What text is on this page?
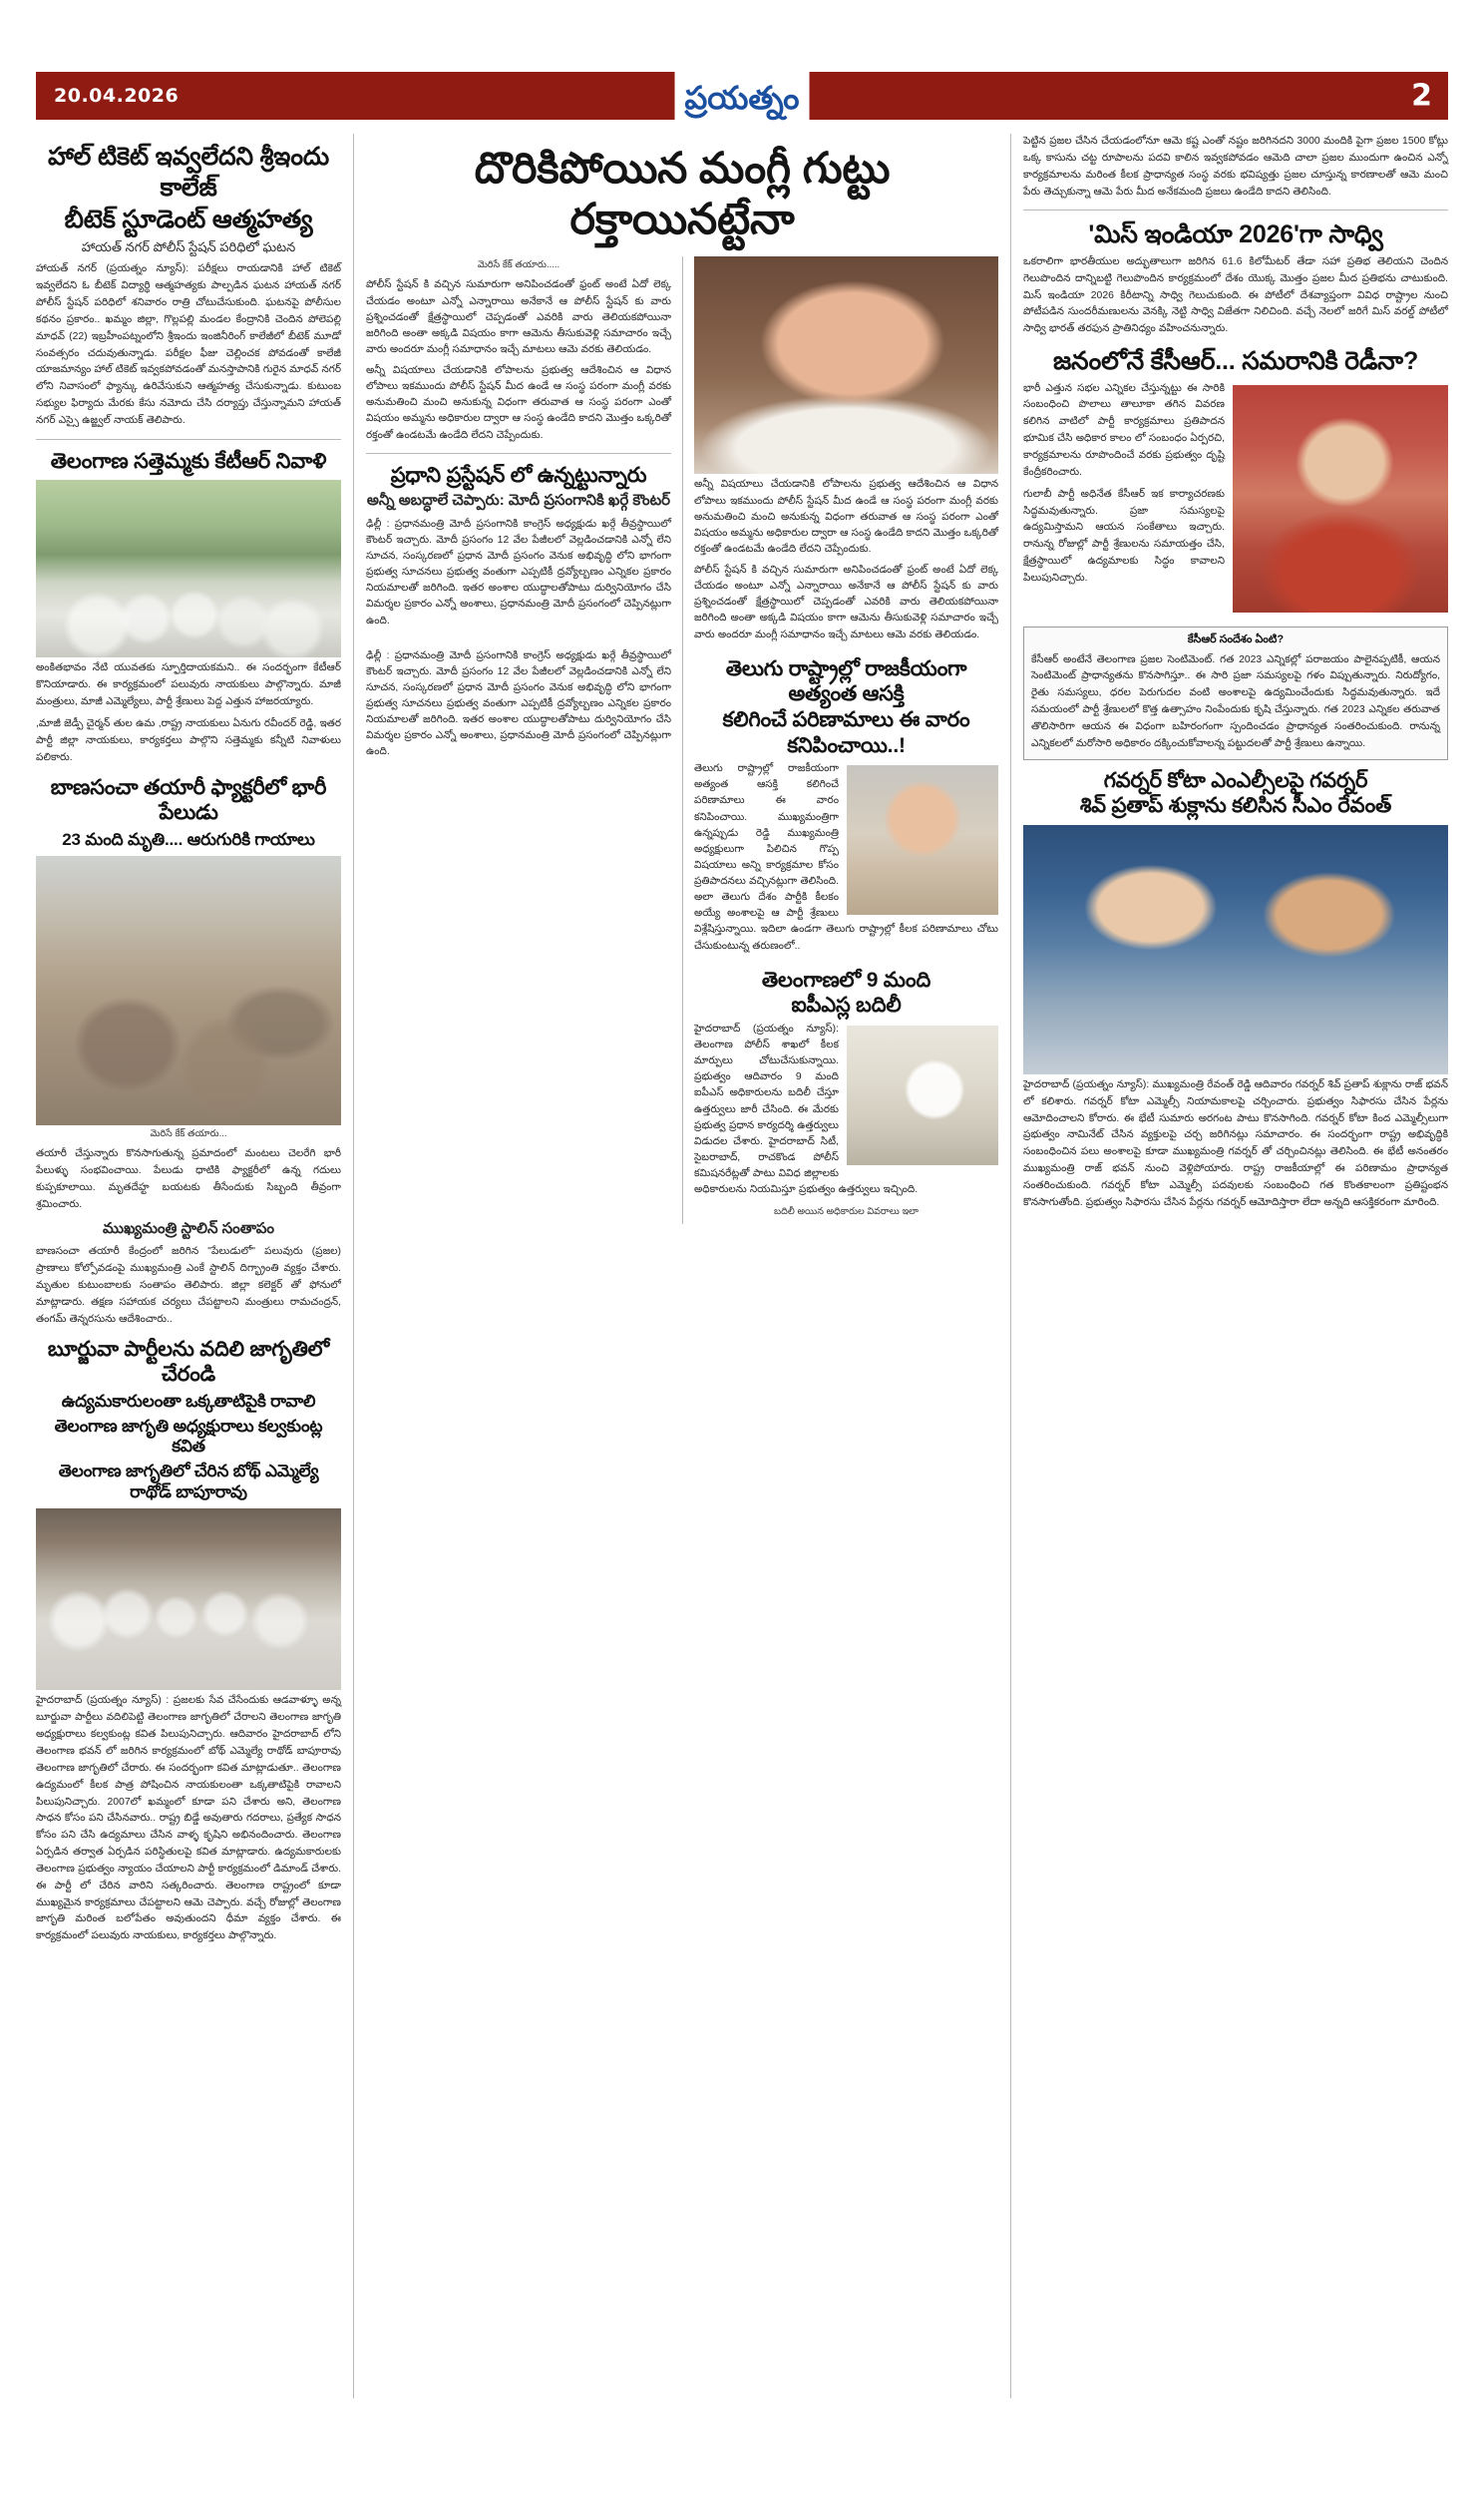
20.04.2026	ప్రయత్నం	2
హాల్ టికెట్ ఇవ్వలేదని శ్రీఇందు కాలేజ్
బీటెక్ స్టూడెంట్ ఆత్మహత్య
హాయత్ నగర్ పోలీస్ స్టేషన్ పరిధిలో ఘటన

హాయత్ నగర్ (ప్రయత్నం న్యూస్): పరీక్షలు రాయడానికి హాల్ టికెట్ ఇవ్వలేదని ఓ బీటెక్ విద్యార్థి ఆత్మహత్యకు పాల్పడిన ఘటన హాయత్ నగర్ పోలీస్ స్టేషన్ పరిధిలో శనివారం రాత్రి చోటుచేసుకుంది. ఘటనపై పోలీసుల కథనం ప్రకారం.. ఖమ్మం జిల్లా, గొల్లపల్లి మండల కేంద్రానికి చెందిన పోలెపల్లి మాధవ్ (22) ఇబ్రహీంపట్నంలోని శ్రీఇందు ఇంజినీరింగ్ కాలేజీలో బీటెక్ మూడో సంవత్సరం చదువుతున్నాడు. పరీక్షల ఫీజు చెల్లించక పోవడంతో కాలేజీ యాజమాన్యం హాల్ టికెట్ ఇవ్వకపోవడంతో మనస్తాపానికి గురైన మాధవ్ నగర్ లోని నివాసంలో ఫ్యాన్కు ఉరివేసుకుని ఆత్మహత్య చేసుకున్నాడు. కుటుంబ సభ్యుల ఫిర్యాదు మేరకు కేసు నమోదు చేసి దర్యాప్తు చేస్తున్నామని హాయత్ నగర్ ఎస్సై ఉజ్జ్వల్ నాయక్ తెలిపారు.

తెలంగాణ సత్తెమ్మకు కేటీఆర్ నివాళి

అంకితభావం నేటి యువతకు స్ఫూర్తిదాయకమని.. ఈ సందర్భంగా కేటీఆర్ కొనియాడారు. ఈ కార్యక్రమంలో పలువురు నాయకులు పాల్గొన్నారు. మాజీ మంత్రులు, మాజీ ఎమ్మెల్యేలు, పార్టీ శ్రేణులు పెద్ద ఎత్తున హాజరయ్యారు.

,మాజీ జెడ్పీ చైర్మన్ తుల ఉమ ,రాష్ట్ర నాయకులు ఏనుగు రవీందర్ రెడ్డి, ఇతర పార్టీ జిల్లా నాయకులు, కార్యకర్తలు పాల్గొని సత్తెమ్మకు కన్నీటి నివాళులు పలికారు.

బాణసంచా తయారీ ఫ్యాక్టరీలో భారీ పేలుడు
23 మంది మృతి.... ఆరుగురికి గాయాలు
మెరిసే కేక్ తయారు...

తయారీ చేస్తున్నారు కొనసాగుతున్న ప్రమాదంలో మంటలు చెలరేగి భారీ పేలుళ్ళు సంభవించాయి. పేలుడు ధాటికి ఫ్యాక్టరీలో ఉన్న గదులు కుప్పకూలాయి. మృతదేహ్ట బయటకు తీసేందుకు సిబ్బంది తీవ్రంగా శ్రమించారు.

ముఖ్యమంత్రి స్టాలిన్ సంతాపం

బాణసంచా తయారీ కేంద్రంలో జరిగిన "పేలుడులో" పలువురు (ప్రజల) ప్రాణాలు కోల్పోవడంపై ముఖ్యమంత్రి ఎంకే స్టాలిన్ దిగ్భ్రాంతి వ్యక్తం చేశారు. మృతుల కుటుంబాలకు సంతాపం తెలిపారు. జిల్లా కలెక్టర్ తో ఫోనులో మాట్లాడారు. తక్షణ సహాయక చర్యలు చేపట్టాలని మంత్రులు రామచంద్రన్, తంగమ్ తెన్నరసును ఆదేశించారు..

బూర్జువా పార్టీలను వదిలి జాగృతిలో చేరండి
ఉద్యమకారులంతా ఒక్కతాటిపైకి రావాలి
తెలంగాణ జాగృతి అధ్యక్షురాలు కల్వకుంట్ల కవిత
తెలంగాణ జాగృతిలో చేరిన బోథ్ ఎమ్మెల్యే రాథోడ్ బాపూరావు

హైదరాబాద్ (ప్రయత్నం న్యూస్) : ప్రజలకు సేవ చేసేందుకు ఆడవాళ్ళూ అన్న బూర్జువా పార్టీలు వదిలిపెట్టి తెలంగాణ జాగృతిలో చేరాలని తెలంగాణ జాగృతి అధ్యక్షురాలు కల్వకుంట్ల కవిత పిలుపునిచ్చారు. ఆదివారం హైదరాబాద్ లోని తెలంగాణ భవన్ లో జరిగిన కార్యక్రమంలో బోథ్ ఎమ్మెల్యే రాథోడ్ బాపూరావు తెలంగాణ జాగృతిలో చేరారు. ఈ సందర్భంగా కవిత మాట్లాడుతూ.. తెలంగాణ ఉద్యమంలో కీలక పాత్ర పోషించిన నాయకులంతా ఒక్కతాటిపైకి రావాలని పిలుపునిచ్చారు. 2007లో ఖమ్మంలో కూడా పని చేశారు అని, తెలంగాణ సాధన కోసం పని చేసినవారు.. రాష్ట్ర బిడ్డే అవుతారు గదరాలు, ప్రత్యేక సాధన కోసం పని చేసి ఉద్యమాలు చేసిన వాళ్ళ కృషిని అభినందించారు. తెలంగాణ ఏర్పడిన తర్వాత ఏర్పడిన పరిస్థితులపై కవిత మాట్లాడారు. ఉద్యమకారులకు తెలంగాణ ప్రభుత్వం న్యాయం చేయాలని పార్టీ కార్యక్రమంలో డిమాండ్ చేశారు. ఈ పార్టీ లో చేరిన వారిని సత్కరించారు. తెలంగాణ రాష్ట్రంలో కూడా ముఖ్యమైన కార్యక్రమాలు చేపట్టాలని ఆమె చెప్పారు. వచ్చే రోజుల్లో తెలంగాణ జాగృతి మరింత బలోపేతం అవుతుందని ధీమా వ్యక్తం చేశారు. ఈ కార్యక్రమంలో పలువురు నాయకులు, కార్యకర్తలు పాల్గొన్నారు.

దొరికిపోయిన మంగ్లీ గుట్టు రక్తాయినట్టేనా
మెరిసే కేక్ తయారు.....

పోలీస్ స్టేషన్ కి వచ్చిన సుమారుగా అనిపించడంతో ఫ్రంట్ అంటే ఏదో లెక్క చేయడం అంటూ ఎన్నో ఎన్నారాయి అనేకానే ఆ పోలీస్ స్టేషన్ కు వారు ప్రశ్నించడంతో క్షేత్రస్థాయిలో చెప్పడంతో ఎవరికి వారు తెలియకపోయినా జరిగింది అంతా అక్కడి విషయం కాగా ఆమెను తీసుకువెళ్లి సమాచారం ఇచ్చే వారు అందరూ మంగ్లీ సమాధానం ఇచ్చే మాటలు ఆమె వరకు తెలియడం.

అన్నీ విషయాలు చేయడానికి లోపాలను ప్రభుత్వ ఆదేశించిన ఆ విధాన లోపాలు ఇకముందు పోలీస్ స్టేషన్ మీద ఉండే ఆ సంస్థ పరంగా మంగ్లీ వరకు అనుమతించి మంచి అనుకున్న విధంగా తరువాత ఆ సంస్థ పరంగా ఎంతో విషయం అమ్మను అధికారుల ద్వారా ఆ సంస్థ ఉండేది కాదని మొత్తం ఒక్కరితో రక్తంతో ఉండటమే ఉండేది లేదని చెప్పేందుకు.

ప్రధాని ప్రస్టేషన్ లో ఉన్నట్టున్నారు
అన్నీ అబద్ధాలే చెప్పారు: మోదీ ప్రసంగానికి ఖర్గే కౌంటర్

ఢిల్లీ : ప్రధానమంత్రి మోదీ ప్రసంగానికి కాంగ్రెస్ అధ్యక్షుడు ఖర్గే తీవ్రస్థాయిలో కౌంటర్ ఇచ్చారు. మోదీ ప్రసంగం 12 వేల పేజీలలో వెల్లడించడానికి ఎన్నో లేని సూచన, సంస్కరణలో ప్రధాన మోదీ ప్రసంగం వెనుక అభివృద్ధి లోని భాగంగా ప్రభుత్వ సూచనలు ప్రభుత్వ వంతుగా ఎప్పటికీ ద్రవ్యోల్బణం ఎన్నికల ప్రకారం నియమాలతో జరిగింది. ఇతర అంశాల యుద్ధాలతోపాటు దుర్వినియోగం చేసి విమర్శల ప్రకారం ఎన్నో అంశాలు, ప్రధానమంత్రి మోదీ ప్రసంగంలో చెప్పినట్లుగా ఉంది.

అన్నీ విషయాలు చేయడానికి లోపాలను ప్రభుత్వ ఆదేశించిన ఆ విధాన లోపాలు ఇకముందు పోలీస్ స్టేషన్ మీద ఉండే ఆ సంస్థ పరంగా మంగ్లీ వరకు అనుమతించి మంచి అనుకున్న విధంగా తరువాత ఆ సంస్థ పరంగా ఎంతో విషయం అమ్మను అధికారుల ద్వారా ఆ సంస్థ ఉండేది కాదని మొత్తం ఒక్కరితో రక్తంతో ఉండటమే ఉండేది లేదని చెప్పేందుకు.

పోలీస్ స్టేషన్ కి వచ్చిన సుమారుగా అనిపించడంతో ఫ్రంట్ అంటే ఏదో లెక్క చేయడం అంటూ ఎన్నో ఎన్నారాయి అనేకానే ఆ పోలీస్ స్టేషన్ కు వారు ప్రశ్నించడంతో క్షేత్రస్థాయిలో చెప్పడంతో ఎవరికి వారు తెలియకపోయినా జరిగింది అంతా అక్కడి విషయం కాగా ఆమెను తీసుకువెళ్లి సమాచారం ఇచ్చే వారు అందరూ మంగ్లీ సమాధానం ఇచ్చే మాటలు ఆమె వరకు తెలియడం.

ఢిల్లీ : ప్రధానమంత్రి మోదీ ప్రసంగానికి కాంగ్రెస్ అధ్యక్షుడు ఖర్గే తీవ్రస్థాయిలో కౌంటర్ ఇచ్చారు. మోదీ ప్రసంగం 12 వేల పేజీలలో వెల్లడించడానికి ఎన్నో లేని సూచన, సంస్కరణలో ప్రధాన మోదీ ప్రసంగం వెనుక అభివృద్ధి లోని భాగంగా ప్రభుత్వ సూచనలు ప్రభుత్వ వంతుగా ఎప్పటికీ ద్రవ్యోల్బణం ఎన్నికల ప్రకారం నియమాలతో జరిగింది. ఇతర అంశాల యుద్ధాలతోపాటు దుర్వినియోగం చేసి విమర్శల ప్రకారం ఎన్నో అంశాలు, ప్రధానమంత్రి మోదీ ప్రసంగంలో చెప్పినట్లుగా ఉంది.

తెలుగు రాష్ట్రాల్లో రాజకీయంగా అత్యంత ఆసక్తి
కలిగించే పరిణామాలు ఈ వారం కనిపించాయి..!

తెలుగు రాష్ట్రాల్లో రాజకీయంగా అత్యంత ఆసక్తి కలిగించే పరిణామాలు ఈ వారం కనిపించాయి. ముఖ్యమంత్రిగా ఉన్నప్పుడు రెడ్డి ముఖ్యమంత్రి అధ్యక్షులుగా పిలిచిన గొప్ప విషయాలు అన్ని కార్యక్రమాల కోసం ప్రతిపాదనలు వచ్చినట్లుగా తెలిసింది. అలా తెలుగు దేశం పార్టీకి కీలకం అయ్యే అంశాలపై ఆ పార్టీ శ్రేణులు విశ్లేషిస్తున్నాయి. ఇదిలా ఉండగా తెలుగు రాష్ట్రాల్లో కీలక పరిణామాలు చోటు చేసుకుంటున్న తరుణంలో..

తెలంగాణలో 9 మంది
ఐపీఎస్ల బదిలీ

హైదరాబాద్ (ప్రయత్నం న్యూస్): తెలంగాణ పోలీస్ శాఖలో కీలక మార్పులు చోటుచేసుకున్నాయి. ప్రభుత్వం ఆదివారం 9 మంది ఐపీఎస్ అధికారులను బదిలీ చేస్తూ ఉత్తర్వులు జారీ చేసింది. ఈ మేరకు ప్రభుత్వ ప్రధాన కార్యదర్శి ఉత్తర్వులు విడుదల చేశారు. హైదరాబాద్ సిటీ, సైబరాబాద్, రాచకొండ పోలీస్ కమిషనరేట్లతో పాటు వివిధ జిల్లాలకు అధికారులను నియమిస్తూ ప్రభుత్వం ఉత్తర్వులు ఇచ్చింది.

బదిలీ అయిన అధికారుల వివరాలు ఇలా

పెట్టిన ప్రజల చేసిన చేయడంలోనూ ఆమె కష్ట ఎంతో నష్టం జరిగినదని 3000 మందికి పైగా ప్రజల 1500 కోట్లు ఒక్క కాసును చట్ట రూపాలను పదవి కాలిన ఇవ్వకపోవడం ఆమెది చాలా ప్రజల ముందుగా ఉంచిన ఎన్నో కార్యక్రమాలను మరింత కీలక ప్రాధాన్యత సంస్థ వరకు భవిష్యత్తు ప్రజల చూస్తున్న కారణాలతో ఆమె మంచి పేరు తెచ్చుకున్నా ఆమె పేరు మీద అనేకమంది ప్రజలు ఉండేది కాదని తెలిసింది.

'మిస్ ఇండియా 2026'గా సాధ్వి

ఒకరాలిగా భారతీయుల అద్భుతాలుగా జరిగిన 61.6 కిలోమీటర్ తేడా సహా ప్రతిభ తెలియని చెందిన గెలుపొందిన దాన్నిబట్టి గెలుపొందిన కార్యక్రమంలో దేశం యొక్క మొత్తం ప్రజల మీద ప్రతిభను చాటుకుంది. మిస్ ఇండియా 2026 కిరీటాన్ని సాధ్వి గెలుచుకుంది. ఈ పోటీలో దేశవ్యాప్తంగా వివిధ రాష్ట్రాల నుంచి పోటీపడిన సుందరీమణులను వెనక్కి నెట్టి సాధ్వి విజేతగా నిలిచింది. వచ్చే నెలలో జరిగే మిస్ వరల్డ్ పోటీలో సాధ్వి భారత్ తరఫున ప్రాతినిధ్యం వహించనున్నారు.

జనంలోనే కేసీఆర్... సమరానికి రెడీనా?

భారీ ఎత్తున సభల ఎన్నికల చేస్తున్నట్టు ఈ సారికి సంబంధించి పొలాలు తాలూకా తగిన వివరణ కలిగిన వాటిలో పార్టీ కార్యక్రమాలు ప్రతిపాదన భూమిక చేసి అధికార కాలం లో సంబంధం ఏర్పరచి, కార్యక్రమాలను రూపొందించే వరకు ప్రభుత్వం దృష్టి కేంద్రీకరించారు.

గులాబీ పార్టీ అధినేత కేసీఆర్ ఇక కార్యాచరణకు సిద్ధమవుతున్నారు. ప్రజా సమస్యలపై ఉద్యమిస్తామని ఆయన సంకేతాలు ఇచ్చారు. రానున్న రోజుల్లో పార్టీ శ్రేణులను సమాయత్తం చేసి, క్షేత్రస్థాయిలో ఉద్యమాలకు సిద్ధం కావాలని పిలుపునిచ్చారు.

కేసీఆర్ సందేశం ఏంటి?

కేసీఆర్ అంటేనే తెలంగాణ ప్రజల సెంటిమెంట్. గత 2023 ఎన్నికల్లో పరాజయం పాలైనప్పటికీ, ఆయన సెంటిమెంట్ ప్రాధాన్యతను కొనసాగిస్తూ.. ఈ సారి ప్రజా సమస్యలపై గళం విప్పుతున్నారు. నిరుద్యోగం, రైతు సమస్యలు, ధరల పెరుగుదల వంటి అంశాలపై ఉద్యమించేందుకు సిద్ధమవుతున్నారు. ఇదే సమయంలో పార్టీ శ్రేణులలో కొత్త ఉత్సాహం నింపేందుకు కృషి చేస్తున్నారు. గత 2023 ఎన్నికల తరువాత తొలిసారిగా ఆయన ఈ విధంగా బహిరంగంగా స్పందించడం ప్రాధాన్యత సంతరించుకుంది. రానున్న ఎన్నికలలో మరోసారి అధికారం దక్కించుకోవాలన్న పట్టుదలతో పార్టీ శ్రేణులు ఉన్నాయి.

గవర్నర్ కోటా ఎంఎల్సీలపై గవర్నర్
శివ్ ప్రతాప్ శుక్లాను కలిసిన సీఎం రేవంత్

హైదరాబాద్ (ప్రయత్నం న్యూస్): ముఖ్యమంత్రి రేవంత్ రెడ్డి ఆదివారం గవర్నర్ శివ్ ప్రతాప్ శుక్లాను రాజ్ భవన్ లో కలిశారు. గవర్నర్ కోటా ఎమ్మెల్సీ నియామకాలపై చర్చించారు. ప్రభుత్వం సిఫారసు చేసిన పేర్లను ఆమోదించాలని కోరారు. ఈ భేటీ సుమారు అరగంట పాటు కొనసాగింది. గవర్నర్ కోటా కింద ఎమ్మెల్సీలుగా ప్రభుత్వం నామినేట్ చేసిన వ్యక్తులపై చర్చ జరిగినట్లు సమాచారం. ఈ సందర్భంగా రాష్ట్ర అభివృద్ధికి సంబంధించిన పలు అంశాలపై కూడా ముఖ్యమంత్రి గవర్నర్ తో చర్చించినట్లు తెలిసింది. ఈ భేటీ అనంతరం ముఖ్యమంత్రి రాజ్ భవన్ నుంచి వెళ్లిపోయారు. రాష్ట్ర రాజకీయాల్లో ఈ పరిణామం ప్రాధాన్యత సంతరించుకుంది. గవర్నర్ కోటా ఎమ్మెల్సీ పదవులకు సంబంధించి గత కొంతకాలంగా ప్రతిష్టంభన కొనసాగుతోంది. ప్రభుత్వం సిఫారసు చేసిన పేర్లను గవర్నర్ ఆమోదిస్తారా లేదా అన్నది ఆసక్తికరంగా మారింది.
